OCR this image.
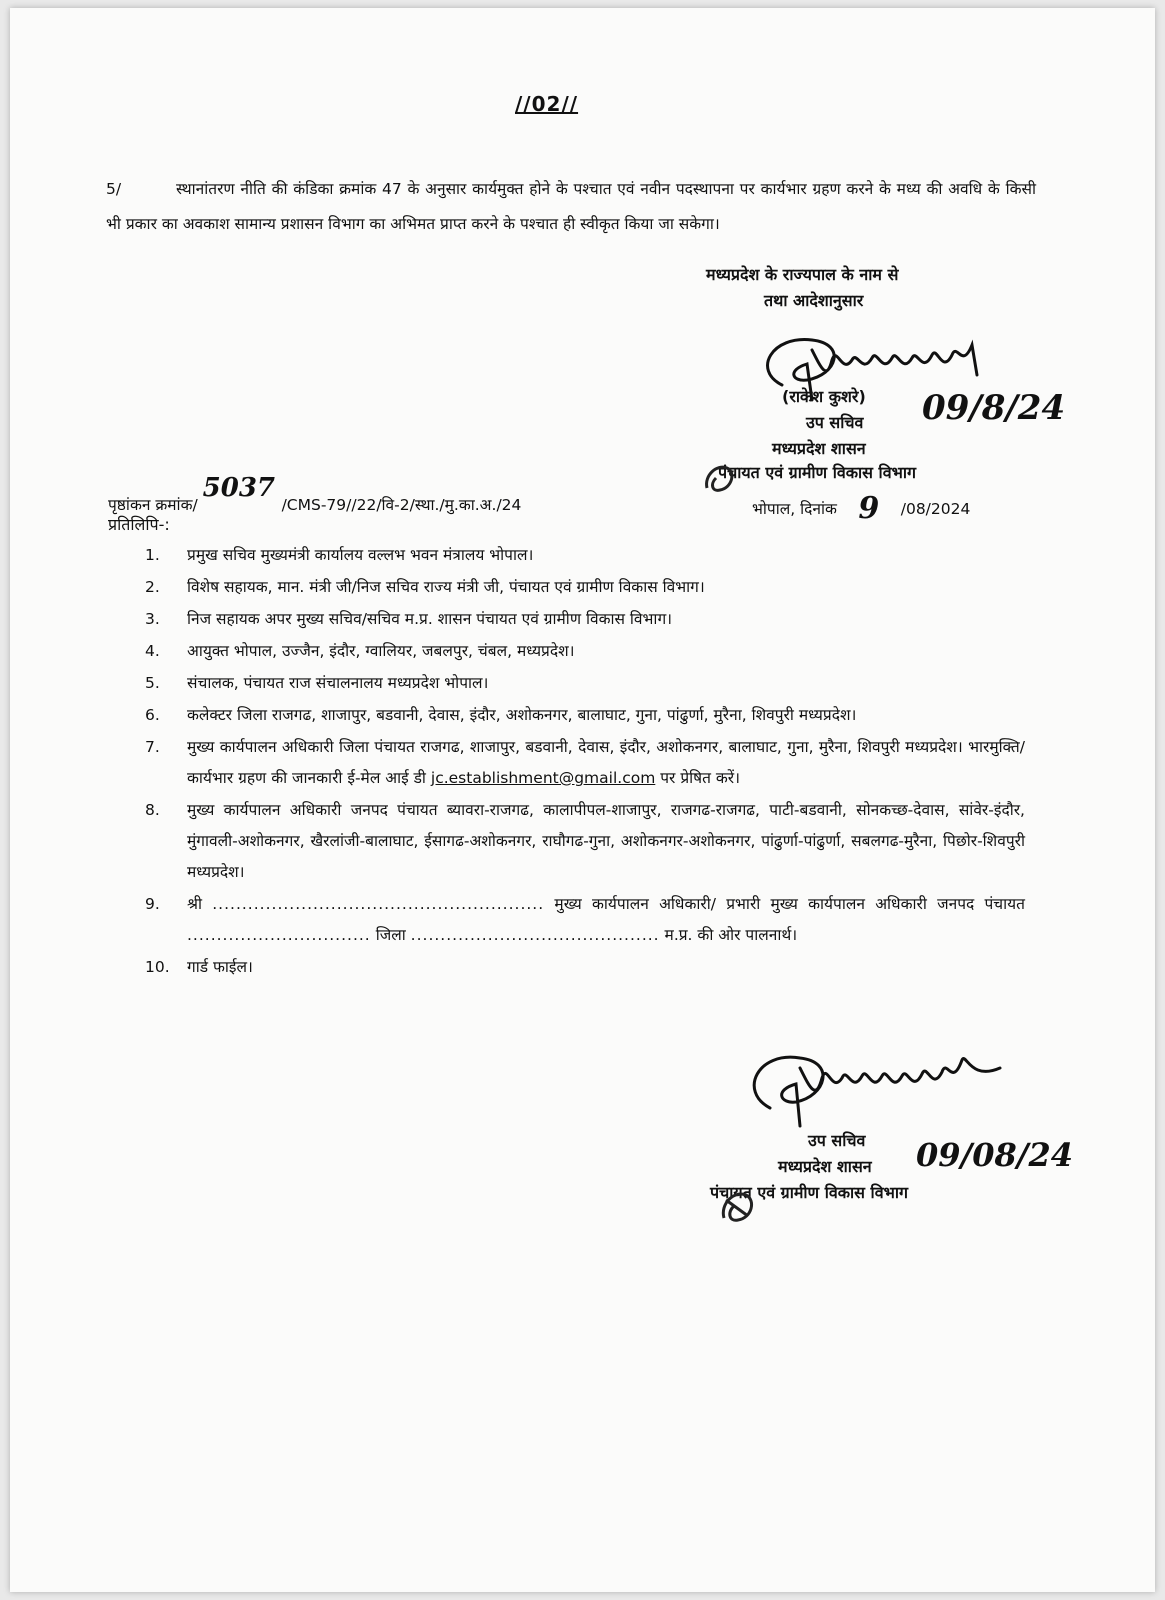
//02//
5/	स्थानांतरण नीति की कंडिका क्रमांक 47 के अनुसार कार्यमुक्त होने के पश्चात एवं नवीन पदस्थापना पर कार्यभार ग्रहण करने के मध्य की अवधि के किसी भी प्रकार का अवकाश सामान्य प्रशासन विभाग का अभिमत प्राप्त करने के पश्चात ही स्वीकृत किया जा सकेगा।
मध्यप्रदेश के राज्यपाल के नाम से
तथा आदेशानुसार
(राकेश कुशरे)
उप सचिव
मध्यप्रदेश शासन
09/8/24
पंचायत एवं ग्रामीण विकास विभाग
पृष्ठांकन क्रमांक/ 5037 /CMS-79//22/वि-2/स्था./मु.का.अ./24	भोपाल, दिनांक 9 /08/2024
प्रतिलिपि-:
1.	प्रमुख सचिव मुख्यमंत्री कार्यालय वल्लभ भवन मंत्रालय भोपाल।
2.	विशेष सहायक, मान. मंत्री जी/निज सचिव राज्य मंत्री जी, पंचायत एवं ग्रामीण विकास विभाग।
3.	निज सहायक अपर मुख्य सचिव/सचिव म.प्र. शासन पंचायत एवं ग्रामीण विकास विभाग।
4.	आयुक्त भोपाल, उज्जैन, इंदौर, ग्वालियर, जबलपुर, चंबल, मध्यप्रदेश।
5.	संचालक, पंचायत राज संचालनालय मध्यप्रदेश भोपाल।
6.	कलेक्टर जिला राजगढ, शाजापुर, बडवानी, देवास, इंदौर, अशोकनगर, बालाघाट, गुना, पांढुर्णा, मुरैना, शिवपुरी मध्यप्रदेश।
7.	मुख्य कार्यपालन अधिकारी जिला पंचायत राजगढ, शाजापुर, बडवानी, देवास, इंदौर, अशोकनगर, बालाघाट, गुना, मुरैना, शिवपुरी मध्यप्रदेश। भारमुक्ति/कार्यभार ग्रहण की जानकारी ई-मेल आई डी jc.establishment@gmail.com पर प्रेषित करें।
8.	मुख्य कार्यपालन अधिकारी जनपद पंचायत ब्यावरा-राजगढ, कालापीपल-शाजापुर, राजगढ-राजगढ, पाटी-बडवानी, सोनकच्छ-देवास, सांवेर-इंदौर, मुंगावली-अशोकनगर, खैरलांजी-बालाघाट, ईसागढ-अशोकनगर, राघौगढ-गुना, अशोकनगर-अशोकनगर, पांढुर्णा-पांढुर्णा, सबलगढ-मुरैना, पिछोर-शिवपुरी मध्यप्रदेश।
9.	श्री ........................................................ मुख्य कार्यपालन अधिकारी/ प्रभारी मुख्य कार्यपालन अधिकारी जनपद पंचायत ............................... जिला .......................................... म.प्र. की ओर पालनार्थ।
10.	गार्ड फाईल।
उप सचिव
मध्यप्रदेश शासन	09/08/24
पंचायत एवं ग्रामीण विकास विभाग
